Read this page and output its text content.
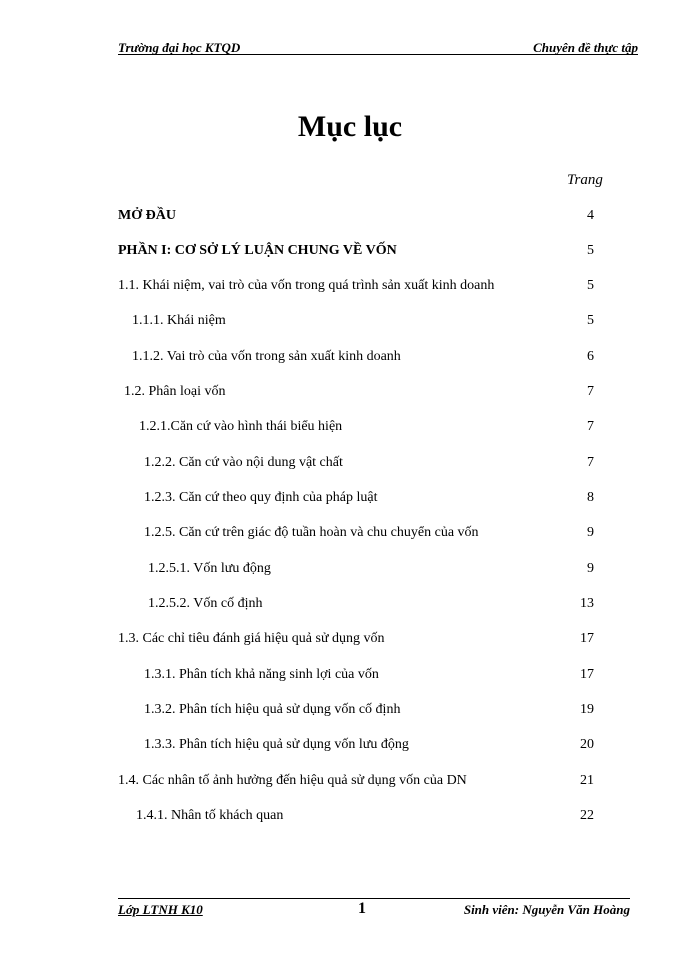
Trường đại học KTQD	Chuyên đề thực tập
Mục lục
Trang
MỞ ĐẦU	4
PHẦN I: CƠ SỞ LÝ LUẬN CHUNG VỀ VỐN	5
1.1. Khái niệm, vai trò của vốn trong quá trình sản xuất kinh doanh	5
1.1.1. Khái niệm	5
1.1.2. Vai trò của vốn trong sản xuất kinh doanh	6
1.2. Phân loại vốn	7
1.2.1.Căn cứ vào hình thái biểu hiện	7
1.2.2. Căn cứ vào nội dung vật chất	7
1.2.3. Căn cứ theo quy định của pháp luật	8
1.2.5. Căn cứ trên giác độ tuần hoàn và chu chuyển của vốn	9
1.2.5.1. Vốn lưu động	9
1.2.5.2. Vốn cố định	13
1.3. Các chỉ tiêu đánh giá hiệu quả sử dụng vốn	17
1.3.1. Phân tích khả năng sinh lợi của vốn	17
1.3.2. Phân tích hiệu quả sử dụng vốn cố định	19
1.3.3. Phân tích hiệu quả sử dụng vốn lưu động	20
1.4. Các nhân tố ảnh hưởng đến hiệu quả sử dụng vốn của DN	21
1.4.1. Nhân tố khách quan	22
Lớp LTNH K10	1	Sinh viên: Nguyễn Văn Hoàng
